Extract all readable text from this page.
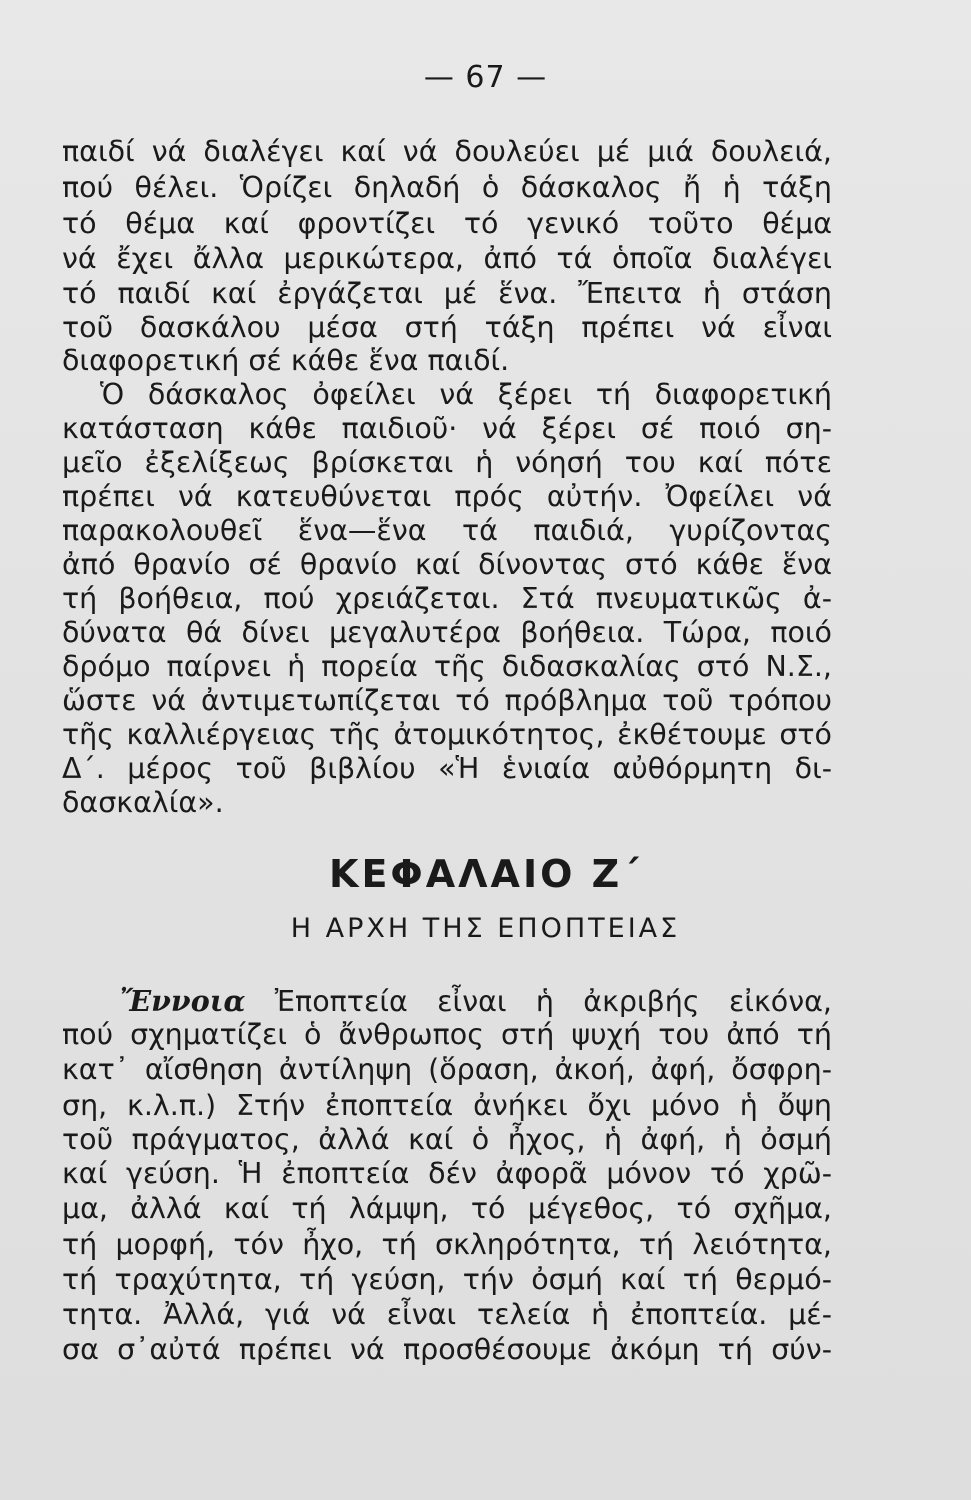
— 67 —
παιδί νά διαλέγει καί νά δουλεύει μέ μιά δουλειά,
πού θέλει. Ὁρίζει δηλαδή ὁ δάσκαλος ἤ ἡ τάξη
τό θέμα καί φροντίζει τό γενικό τοῦτο θέμα
νά ἔχει ἄλλα μερικώτερα, ἀπό τά ὁποῖα διαλέγει
τό παιδί καί ἐργάζεται μέ ἕνα. Ἔπειτα ἡ στάση
τοῦ δασκάλου μέσα στή τάξη πρέπει νά εἶναι
διαφορετική σέ κάθε ἕνα παιδί.
Ὁ δάσκαλος ὀφείλει νά ξέρει τή διαφορετική
κατάσταση κάθε παιδιοῦ· νά ξέρει σέ ποιό ση-
μεῖο ἐξελίξεως βρίσκεται ἡ νόησή του καί πότε
πρέπει νά κατευθύνεται πρός αὐτήν. Ὀφείλει νά
παρακολουθεῖ ἕνα—ἕνα τά παιδιά, γυρίζοντας
ἀπό θρανίο σέ θρανίο καί δίνοντας στό κάθε ἕνα
τή βοήθεια, πού χρειάζεται. Στά πνευματικῶς ἀ-
δύνατα θά δίνει μεγαλυτέρα βοήθεια. Τώρα, ποιό
δρόμο παίρνει ἡ πορεία τῆς διδασκαλίας στό Ν.Σ.,
ὥστε νά ἀντιμετωπίζεται τό πρόβλημα τοῦ τρόπου
τῆς καλλιέργειας τῆς ἀτομικότητος, ἐκθέτουμε στό
Δ΄. μέρος τοῦ βιβλίου «Ἡ ἑνιαία αὐθόρμητη δι-
δασκαλία».
ΚΕΦΑΛΑΙΟ Ζ΄
Η ΑΡΧΗ ΤΗΣ ΕΠΟΠΤΕΙΑΣ
Ἔννοια Ἐποπτεία εἶναι ἡ ἀκριβής εἰκόνα,
πού σχηματίζει ὁ ἄνθρωπος στή ψυχή του ἀπό τή
κατ᾽ αἴσθηση ἀντίληψη (ὅραση, ἀκοή, ἀφή, ὄσφρη-
ση, κ.λ.π.) Στήν ἐποπτεία ἀνήκει ὄχι μόνο ἡ ὄψη
τοῦ πράγματος, ἀλλά καί ὁ ἦχος, ἡ ἀφή, ἡ ὀσμή
καί γεύση. Ἡ ἐποπτεία δέν ἀφορᾶ μόνον τό χρῶ-
μα, ἀλλά καί τή λάμψη, τό μέγεθος, τό σχῆμα,
τή μορφή, τόν ἦχο, τή σκληρότητα, τή λειότητα,
τή τραχύτητα, τή γεύση, τήν ὀσμή καί τή θερμό-
τητα. Ἀλλά, γιά νά εἶναι τελεία ἡ ἐποπτεία. μέ-
σα σ᾽αὐτά πρέπει νά προσθέσουμε ἀκόμη τή σύν-
